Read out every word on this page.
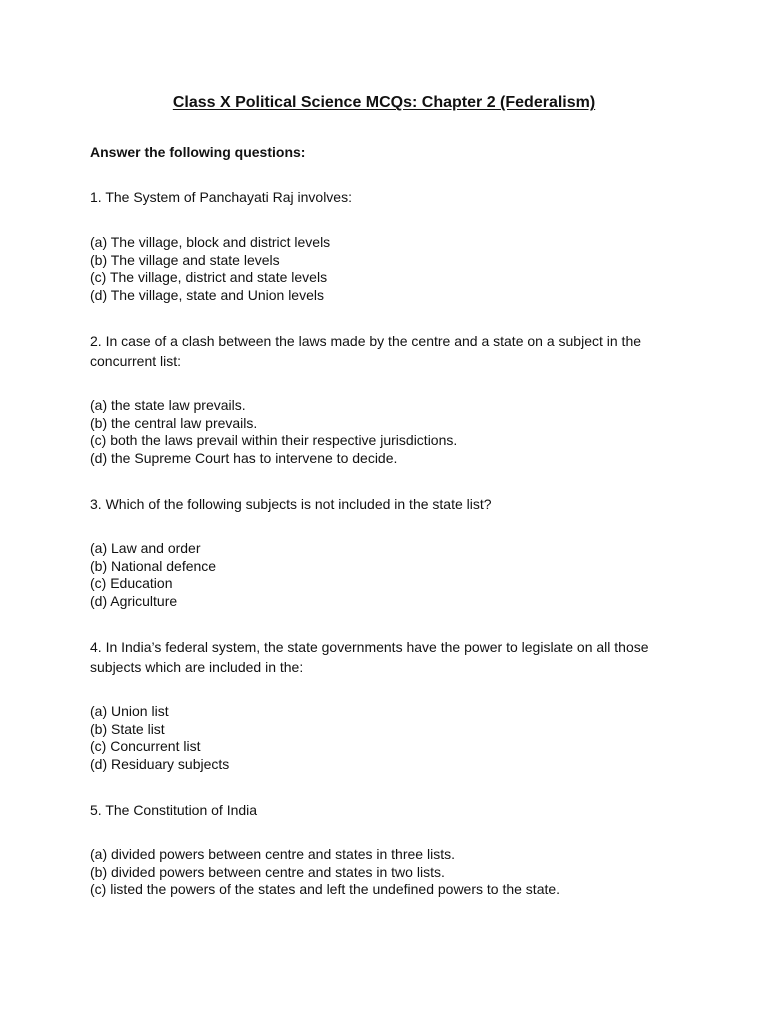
Class X Political Science MCQs: Chapter 2 (Federalism)

Answer the following questions:

1. The System of Panchayati Raj involves:

(a) The village, block and district levels
(b) The village and state levels
(c) The village, district and state levels
(d) The village, state and Union levels

2. In case of a clash between the laws made by the centre and a state on a subject in the concurrent list:

(a) the state law prevails.
(b) the central law prevails.
(c) both the laws prevail within their respective jurisdictions.
(d) the Supreme Court has to intervene to decide.

3. Which of the following subjects is not included in the state list?

(a) Law and order
(b) National defence
(c) Education
(d) Agriculture

4. In India’s federal system, the state governments have the power to legislate on all those subjects which are included in the:

(a) Union list
(b) State list
(c) Concurrent list
(d) Residuary subjects

5. The Constitution of India

(a) divided powers between centre and states in three lists.
(b) divided powers between centre and states in two lists.
(c) listed the powers of the states and left the undefined powers to the state.
